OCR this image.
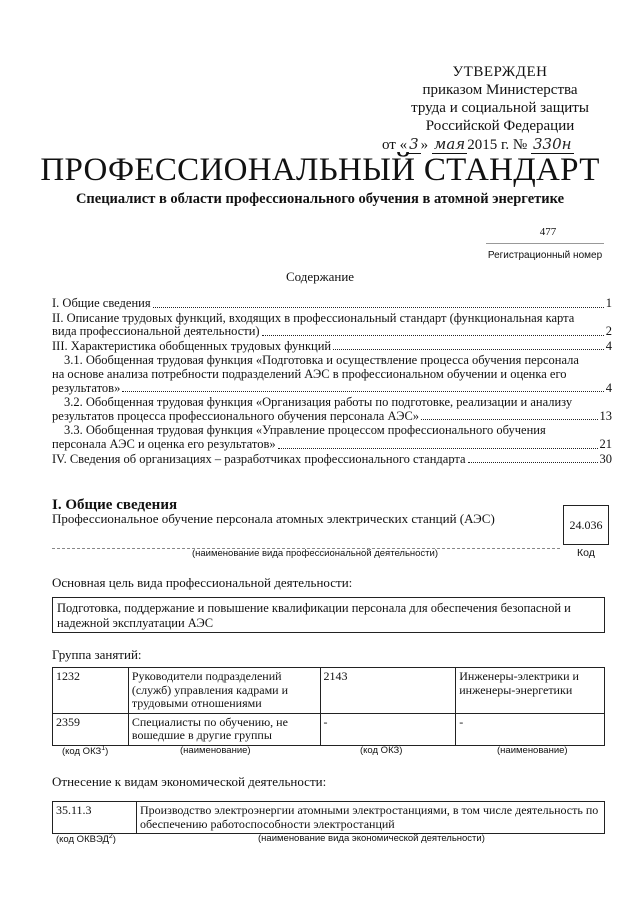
УТВЕРЖДЕН
приказом Министерства
труда и социальной защиты
Российской Федерации
от « 3 » мая 2015 г. № 330н
ПРОФЕССИОНАЛЬНЫЙ СТАНДАРТ
Специалист в области профессионального обучения в атомной энергетике
477
Регистрационный номер
Содержание
I. Общие сведения	1
II. Описание трудовых функций, входящих в профессиональный стандарт (функциональная карта
вида профессиональной деятельности)	2
III. Характеристика обобщенных трудовых функций	4
3.1. Обобщенная трудовая функция «Подготовка и осуществление процесса обучения персонала
на основе анализа потребности подразделений АЭС в профессиональном обучении и оценка его
результатов»	4
3.2. Обобщенная трудовая функция «Организация работы по подготовке, реализации и анализу
результатов процесса профессионального обучения персонала АЭС»	13
3.3. Обобщенная трудовая функция «Управление процессом профессионального обучения
персонала АЭС и оценка его результатов»	21
IV. Сведения об организациях – разработчиках профессионального стандарта	30
I. Общие сведения
Профессиональное обучение персонала атомных электрических станций (АЭС)	24.036
(наименование вида профессиональной деятельности)	Код
Основная цель вида профессиональной деятельности:
Подготовка, поддержание и повышение квалификации персонала для обеспечения безопасной и надежной эксплуатации АЭС
Группа занятий:
1232	Руководители подразделений (служб) управления кадрами и трудовыми отношениями	2143	Инженеры-электрики и инженеры-энергетики
2359	Специалисты по обучению, не вошедшие в другие группы	-	-
(код ОКЗ$^1$)	(наименование)	(код ОКЗ)	(наименование)
Отнесение к видам экономической деятельности:
35.11.3	Производство электроэнергии атомными электростанциями, в том числе деятельность по обеспечению работоспособности электростанций
(код ОКВЭД$^2$)	(наименование вида экономической деятельности)
